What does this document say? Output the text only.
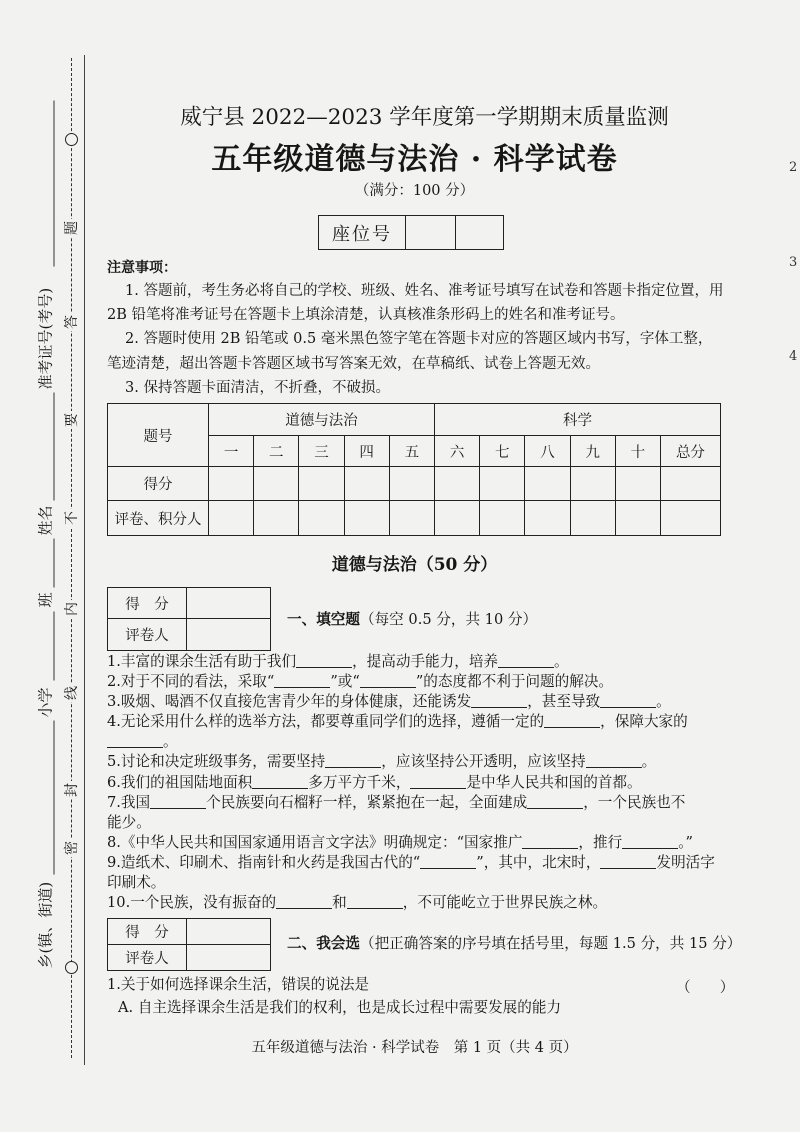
乡(镇、街道)
小学
班
姓名
准考证号(考号)
密
封
线
内
不
要
答
题
2
3
4
威宁县 2022—2023 学年度第一学期期末质量监测
五年级道德与法治 · 科学试卷
（满分：100 分）
座位号		
注意事项：
1. 答题前，考生务必将自己的学校、班级、姓名、准考证号填写在试卷和答题卡指定位置，用
2B 铅笔将准考证号在答题卡上填涂清楚，认真核准条形码上的姓名和准考证号。
2. 答题时使用 2B 铅笔或 0.5 毫米黑色签字笔在答题卡对应的答题区域内书写，字体工整，
笔迹清楚，超出答题卡答题区域书写答案无效，在草稿纸、试卷上答题无效。
3. 保持答题卡面清洁，不折叠，不破损。
题号	道德与法治					科学					
	一	二	三	四	五	六	七	八	九	十	总分
得分											
评卷、积分人											
道德与法治（50 分）
得　分	
评卷人	
一、填空题（每空 0.5 分，共 10 分）
1.丰富的课余生活有助于我们	，提高动手能力，培养	。
2.对于不同的看法，采取“	”或“	”的态度都不利于问题的解决。
3.吸烟、喝酒不仅直接危害青少年的身体健康，还能诱发	，甚至导致	。
4.无论采用什么样的选举方法，都要尊重同学们的选择，遵循一定的	，保障大家的
。
5.讨论和决定班级事务，需要坚持	，应该坚持公开透明，应该坚持	。
6.我们的祖国陆地面积	多万平方千米，	是中华人民共和国的首都。
7.我国	个民族要向石榴籽一样，紧紧抱在一起，全面建成	，一个民族也不
能少。
8.《中华人民共和国国家通用语言文字法》明确规定：“国家推广	，推行	。”
9.造纸术、印刷术、指南针和火药是我国古代的“	”，其中，北宋时，	发明活字
印刷术。
10.一个民族，没有振奋的	和	，不可能屹立于世界民族之林。
得　分	
评卷人	
二、我会选（把正确答案的序号填在括号里，每题 1.5 分，共 15 分）
1.关于如何选择课余生活，错误的说法是	（　　）
A. 自主选择课余生活是我们的权利，也是成长过程中需要发展的能力
五年级道德与法治 · 科学试卷　第 1 页（共 4 页）
